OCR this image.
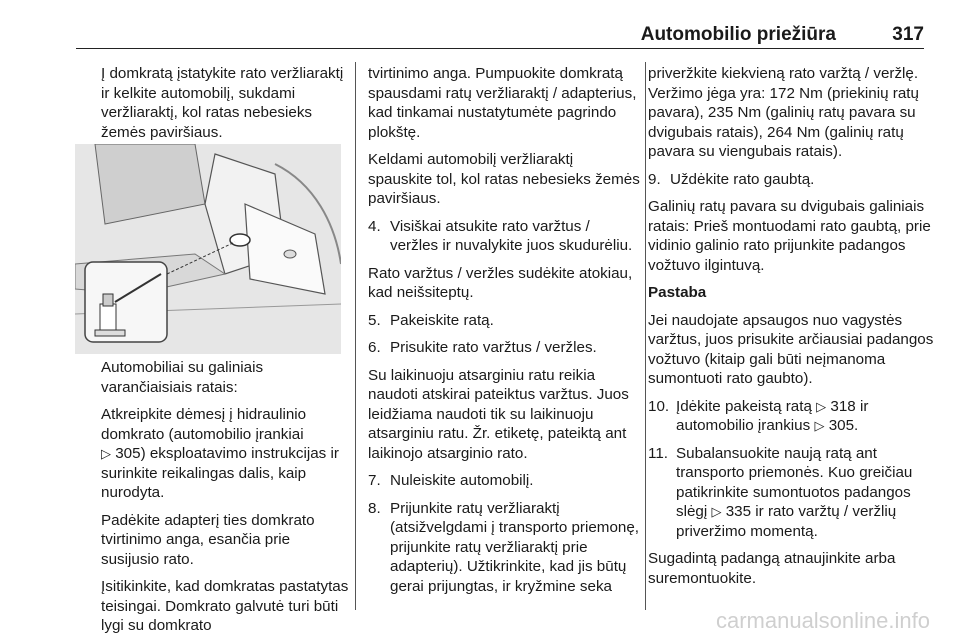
Automobilio priežiūra	317

Į domkratą įstatykite rato veržliaraktį ir kelkite automobilį, sukdami veržliaraktį, kol ratas nebesieks žemės paviršiaus.

Automobiliai su galiniais varančiaisiais ratais:

Atkreipkite dėmesį į hidraulinio domkrato (automobilio įrankiai
▷ 305) eksploatavimo instrukcijas ir surinkite reikalingas dalis, kaip nurodyta.

Padėkite adapterį ties domkrato tvirtinimo anga, esančia prie susijusio rato.

Įsitikinkite, kad domkratas pastatytas teisingai. Domkrato galvutė turi būti lygi su domkrato

tvirtinimo anga. Pumpuokite domkratą spausdami ratų veržliaraktį / adapterius, kad tinkamai nustatytumėte pagrindo plokštę.

Keldami automobilį veržliaraktį spauskite tol, kol ratas nebesieks žemės paviršiaus.

4. Visiškai atsukite rato varžtus / veržles ir nuvalykite juos skudurėliu.

Rato varžtus / veržles sudėkite atokiau, kad neišsiteptų.

5. Pakeiskite ratą.
6. Prisukite rato varžtus / veržles.

Su laikinuoju atsarginiu ratu reikia naudoti atskirai pateiktus varžtus. Juos leidžiama naudoti tik su laikinuoju atsarginiu ratu. Žr. etiketę, pateiktą ant laikinojo atsarginio rato.

7. Nuleiskite automobilį.
8. Prijunkite ratų veržliaraktį (atsižvelgdami į transporto priemonę, prijunkite ratų veržliaraktį prie adapterių). Užtikrinkite, kad jis būtų gerai prijungtas, ir kryžmine seka

priveržkite kiekvieną rato varžtą / veržlę. Veržimo jėga yra: 172 Nm (priekinių ratų pavara), 235 Nm (galinių ratų pavara su dvigubais ratais), 264 Nm (galinių ratų pavara su viengubais ratais).

9. Uždėkite rato gaubtą.

Galinių ratų pavara su dvigubais galiniais ratais: Prieš montuodami rato gaubtą, prie vidinio galinio rato prijunkite padangos vožtuvo ilgintuvą.

Pastaba

Jei naudojate apsaugos nuo vagystės varžtus, juos prisukite arčiausiai padangos vožtuvo (kitaip gali būti neįmanoma sumontuoti rato gaubto).

10. Įdėkite pakeistą ratą ▷ 318 ir automobilio įrankius ▷ 305.
11. Subalansuokite naują ratą ant transporto priemonės. Kuo greičiau patikrinkite sumontuotos padangos slėgį ▷ 335 ir rato varžtų / veržlių priveržimo momentą.

Sugadintą padangą atnaujinkite arba suremontuokite.

carmanualsonline.info
